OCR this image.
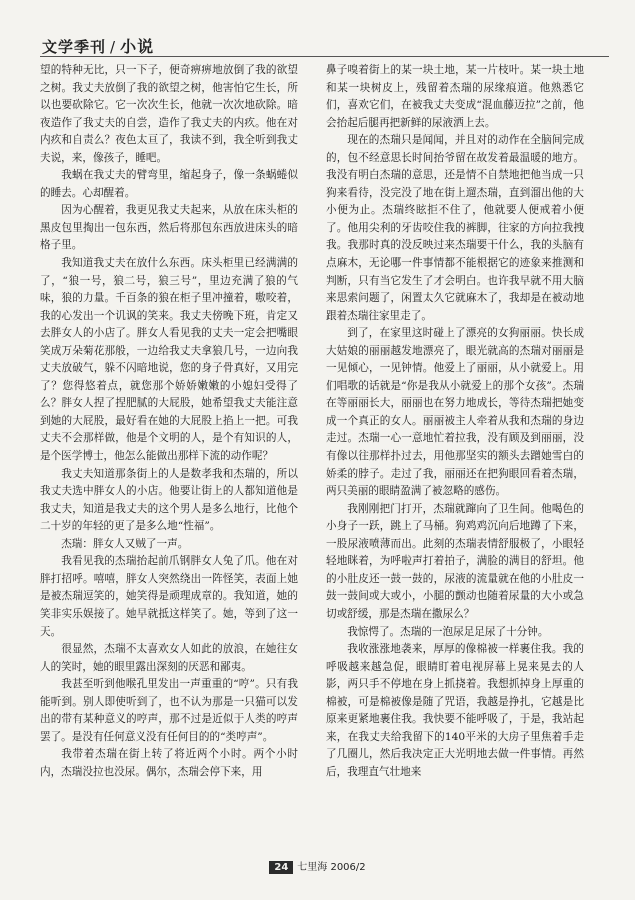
文学季刊 / 小说

望的特种无比，只一下子，便奇痹痹地放倒了我的欲望之树。我丈夫放倒了我的欲望之树，他害怕它生长，所以也要砍除它。它一次次生长，他就一次次地砍除。暗夜造作了我丈夫的自尝，造作了我丈夫的内疚。他在对内疚和自责么？夜色太亘了，我读不到，我全听到我丈夫说，来，像孩子，睡吧。

我蜗在我丈夫的臂弯里，缩起身子，像一条蜗蜷似的睡去。心却醒着。

因为心醒着，我更见我丈夫起来，从放在床头柜的黑皮包里掏出一包东西，然后将那包东西放进床头的暗格子里。

我知道我丈夫在放什么东西。床头柜里已经满满的了，“狼一号，狼二号，狼三号”，里边充满了狼的气味，狼的力量。千百条的狼在柜子里冲撞着，嗷咬着，我的心发出一个讥讽的笑来。我丈夫傍晚下班，肯定又去胖女人的小店了。胖女人看见我的丈夫一定会把嘴眼笑成万朵菊花那般，一边给我丈夫拿狼几号，一边向我丈夫放破气，躲不闪暗地说，您的身子骨真好，又用完了？您得悠着点，就您那个娇娇嫩嫩的小媳妇受得了么？胖女人捏了捏肥腻的大屁股，她希望我丈夫能注意到她的大屁股，最好看在她的大屁股上掐上一把。可我丈夫不会那样做，他是个文明的人，是个有知识的人，是个医学博士，他怎么能做出那样下流的动作呢？

我丈夫知道那条街上的人是数孝我和杰瑞的，所以我丈夫选中胖女人的小店。他要让街上的人都知道他是我丈夫，知道是我丈夫的这个男人是多么地行，比他个二十岁的年轻的更了是多么地“性福”。

杰瑞：胖女人又贼了一声。

我看见我的杰瑞抬起前爪钢胖女人兔了爪。他在对胖打招呼。嘻嘻，胖女人突然绕出一阵怪笑，表面上她是被杰瑞逗笑的，她笑得是顽理成章的。我知道，她的笑非实乐娱接了。她早就抵这样笑了。她，等到了这一天。

很显然，杰瑞不太喜欢女人如此的放浪，在她往女人的笑时，她的眼里露出深刻的厌恶和鄙夷。

我甚至听到他喉孔里发出一声重重的“哼”。只有我能听到。别人即使听到了，也不认为那是一只猫可以发出的带有某种意义的哼声，那不过是近似于人类的哼声罢了。是没有任何意义没有任何目的的“类哼声”。

我带着杰瑞在街上转了将近两个小时。两个小时内，杰瑞没拉也没尿。偶尔，杰瑞会停下来，用

鼻子嗅着街上的某一块土地，某一片枝叶。某一块土地和某一块树皮上，残留着杰瑞的尿缘痕道。他熟悉它们，喜欢它们，在被我丈夫变成“混血藤迈拉”之前，他会抬起后腿再把新鲜的尿液洒上去。

现在的杰瑞只是闻闻，并且对的动作在全脑间完成的，包不经意思长时间抬爷留在故发着最温暖的地方。我没有明白杰瑞的意思，还是情不自禁地把他当成一只狗来看待，没完没了地在街上遛杰瑞，直到溜出他的大小便为止。杰瑞终眩拒不住了，他就要人便戒着小便了。他用尖利的牙齿咬住我的裤脚，往家的方向拉我拽我。我那时真的没反映过来杰瑞要干什么，我的头脑有点麻木，无论哪一件事情都不能根据它的迹象来推测和判断，只有当它发生了才会明白。也许我早就不用大脑来思索问题了，闲置太久它就麻木了，我却是在被动地跟着杰瑞往家里走了。

到了，在家里这时碰上了漂亮的女狗丽丽。快长成大姑娘的丽丽越发地漂亮了，眼光就高的杰瑞对丽丽是一见倾心，一见钟情。他爱上了丽丽，从小就爱上。用们唱歌的话就是“你是我从小就爱上的那个女孩”。杰瑞在等丽丽长大，丽丽也在努力地成长，等待杰瑞把她变成一个真正的女人。丽丽被主人牵着从我和杰瑞的身边走过。杰瑞一心一意地忙着拉我，没有顾及到丽丽，没有像以往那样扑过去，用他那坚实的额头去蹭她雪白的娇柔的脖子。走过了我，丽丽还在把狗眼回看着杰瑞，两只美丽的眼睛盈满了被忽略的感伤。

我刚刚把门打开，杰瑞就蹿向了卫生间。他喝色的小身子一跃，跳上了马桶。狗鸡鸡沉向后地蹲了下来，一股尿液喷薄而出。此刻的杰瑞表情舒服极了，小眼轻轻地眯着，为呼啦声打着拍子，满脸的满目的舒坦。他的小肚皮还一鼓一鼓的，尿液的流量就在他的小肚皮一鼓一鼓间或大或小，小腿的颤动也随着尿量的大小或急切或舒缓，那是杰瑞在撒尿么？

我惊愕了。杰瑞的一泡尿足足尿了十分钟。

我收涨涨地袭来，厚厚的像棉被一样裹住我。我的呼吸越来越急促，眼睛盯着电视屏幕上晃来晃去的人影，两只手不停地在身上抓挠着。我想抓掉身上厚重的棉被，可是棉被像是随了咒语，我越是挣扎，它越是比原来更紧地裹住我。我快要不能呼吸了，于是，我站起来，在我丈夫给我留下的140平米的大房子里焦着手走了几圈儿，然后我决定正大光明地去做一件事情。再然后，我理直气壮地来

24 七里海 2006/2
